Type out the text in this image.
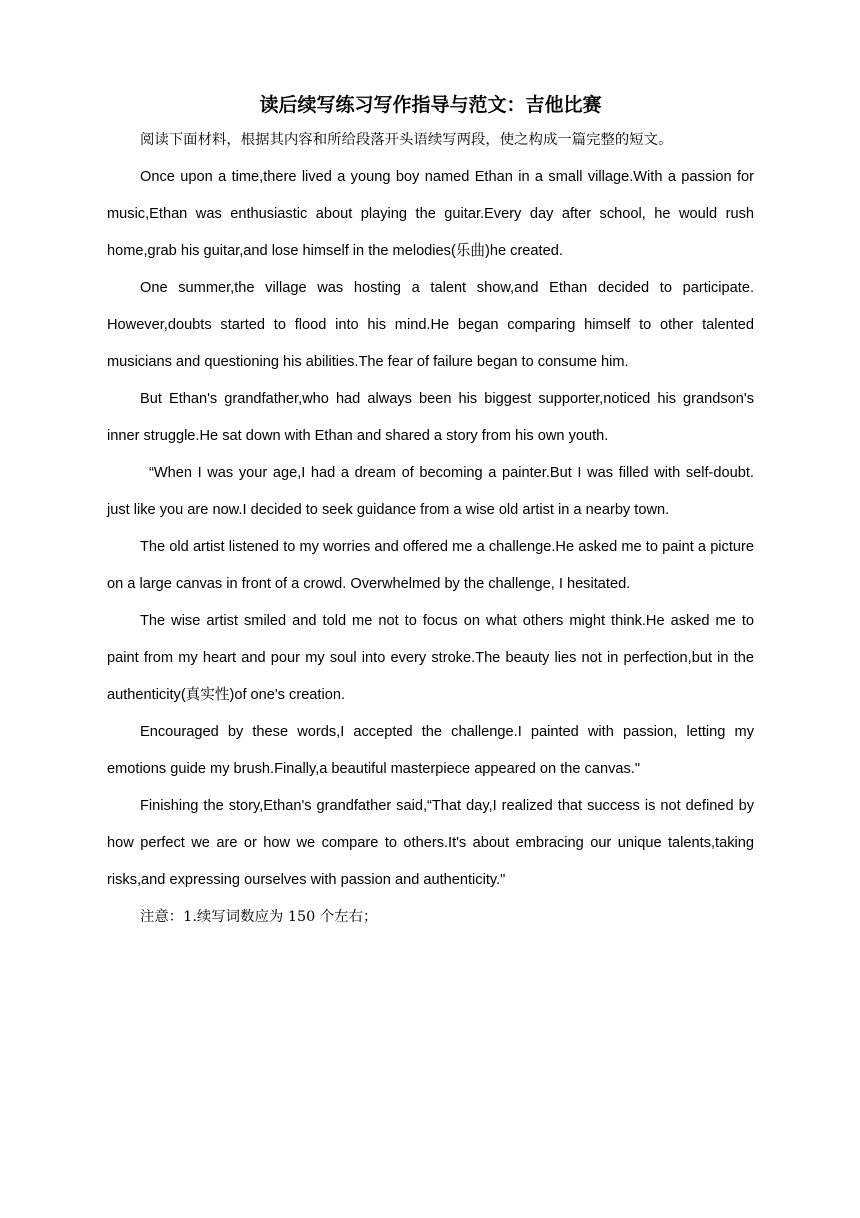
读后续写练习写作指导与范文：吉他比赛

阅读下面材料，根据其内容和所给段落开头语续写两段，使之构成一篇完整的短文。

Once upon a time,there lived a young boy named Ethan in a small village.With a passion for music,Ethan was enthusiastic about playing the guitar.Every day after school, he would rush home,grab his guitar,and lose himself in the melodies(乐曲)he created.

One summer,the village was hosting a talent show,and Ethan decided to participate. However,doubts started to flood into his mind.He began comparing himself to other talented musicians and questioning his abilities.The fear of failure began to consume him.

But Ethan's grandfather,who had always been his biggest supporter,noticed his grandson's inner struggle.He sat down with Ethan and shared a story from his own youth.

“When I was your age,I had a dream of becoming a painter.But I was filled with self-doubt. just like you are now.I decided to seek guidance from a wise old artist in a nearby town.

The old artist listened to my worries and offered me a challenge.He asked me to paint a picture on a large canvas in front of a crowd. Overwhelmed by the challenge, I hesitated.

The wise artist smiled and told me not to focus on what others might think.He asked me to paint from my heart and pour my soul into every stroke.The beauty lies not in perfection,but in the authenticity(真实性)of one's creation.

Encouraged by these words,I accepted the challenge.I painted with passion, letting my emotions guide my brush.Finally,a beautiful masterpiece appeared on the canvas."

Finishing the story,Ethan's grandfather said,“That day,I realized that success is not defined by how perfect we are or how we compare to others.It's about embracing our unique talents,taking risks,and expressing ourselves with passion and authenticity."

注意：1.续写词数应为 150 个左右；
